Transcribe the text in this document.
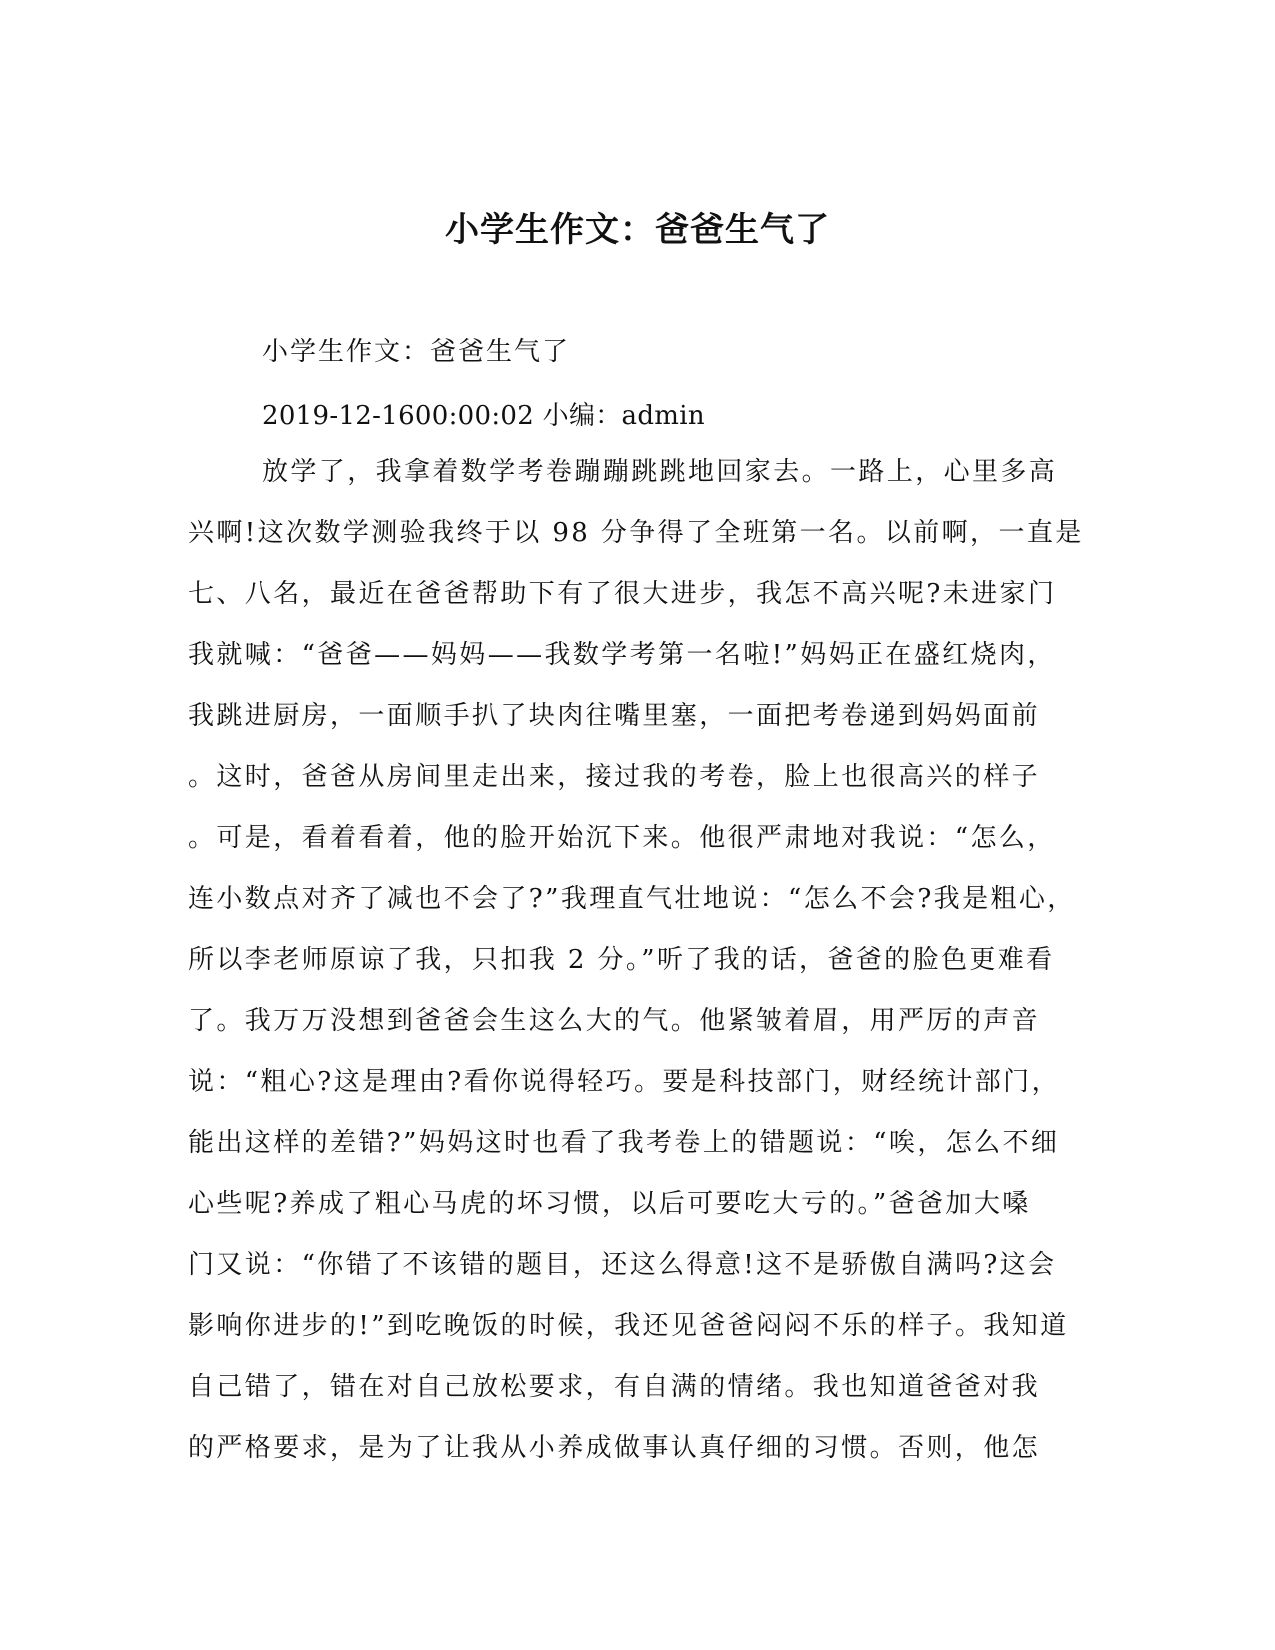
小学生作文：爸爸生气了
小学生作文：爸爸生气了
2019-12-1600:00:02 小编：admin
放学了，我拿着数学考卷蹦蹦跳跳地回家去。一路上，心里多高
兴啊!这次数学测验我终于以 98 分争得了全班第一名。以前啊，一直是
七、八名，最近在爸爸帮助下有了很大进步，我怎不高兴呢?未进家门
我就喊：“爸爸——妈妈——我数学考第一名啦!”妈妈正在盛红烧肉，
我跳进厨房，一面顺手扒了块肉往嘴里塞，一面把考卷递到妈妈面前
。这时，爸爸从房间里走出来，接过我的考卷，脸上也很高兴的样子
。可是，看着看着，他的脸开始沉下来。他很严肃地对我说：“怎么，
连小数点对齐了减也不会了?”我理直气壮地说：“怎么不会?我是粗心，
所以李老师原谅了我，只扣我 2 分。”听了我的话，爸爸的脸色更难看
了。我万万没想到爸爸会生这么大的气。他紧皱着眉，用严厉的声音
说：“粗心?这是理由?看你说得轻巧。要是科技部门，财经统计部门，
能出这样的差错?”妈妈这时也看了我考卷上的错题说：“唉，怎么不细
心些呢?养成了粗心马虎的坏习惯，以后可要吃大亏的。”爸爸加大嗓
门又说：“你错了不该错的题目，还这么得意!这不是骄傲自满吗?这会
影响你进步的!”到吃晚饭的时候，我还见爸爸闷闷不乐的样子。我知道
自己错了，错在对自己放松要求，有自满的情绪。我也知道爸爸对我
的严格要求，是为了让我从小养成做事认真仔细的习惯。否则，他怎
